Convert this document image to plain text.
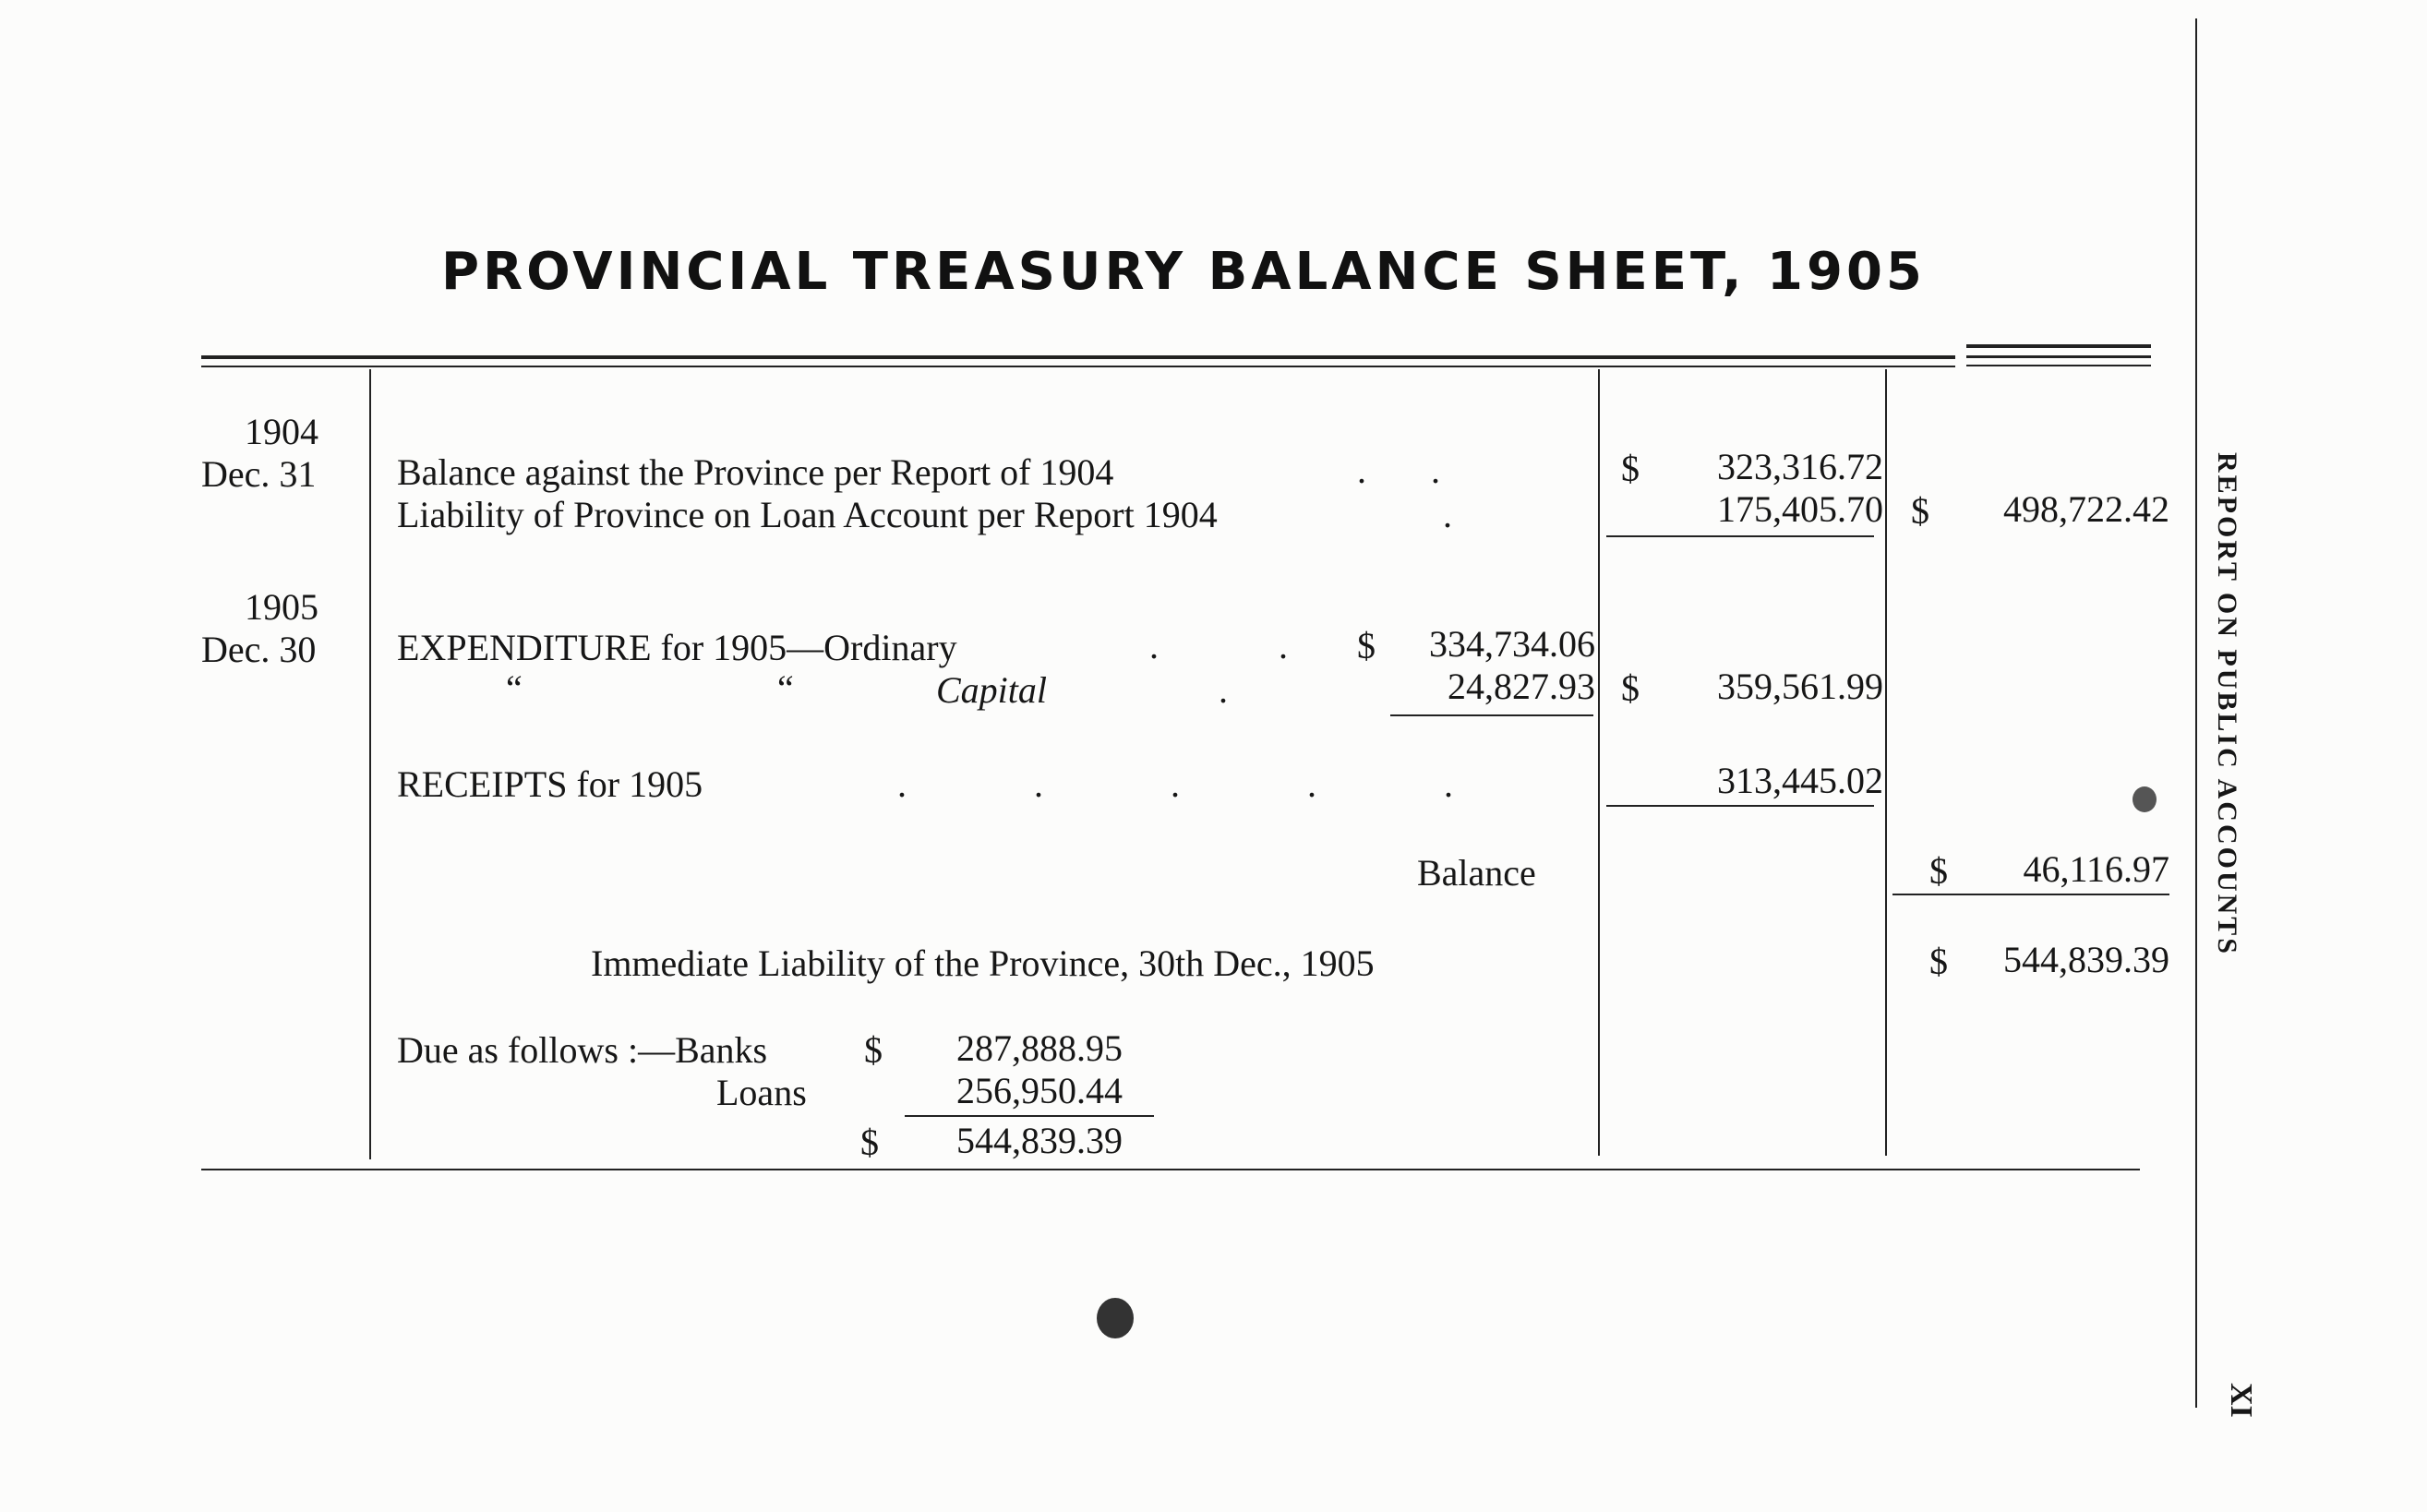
PROVINCIAL TREASURY BALANCE SHEET, 1905
REPORT ON PUBLIC ACCOUNTS
XI
1904
Dec. 31 Balance against the Province per Report of 1904	. .	$	323,316.72
Liability of Province on Loan Account per Report 1904	.	175,405.70 $	498,722.42
1905
Dec. 30 EXPENDITURE for 1905—Ordinary	. . $	334,734.06
“	“	Capital	.	24,827.93 $	359,561.99
RECEIPTS for 1905	. . . . .	313,445.02
Balance	$	46,116.97
Immediate Liability of the Province, 30th Dec., 1905	$	544,839.39
Due as follows :—Banks	$	287,888.95
Loans	256,950.44
$	544,839.39
